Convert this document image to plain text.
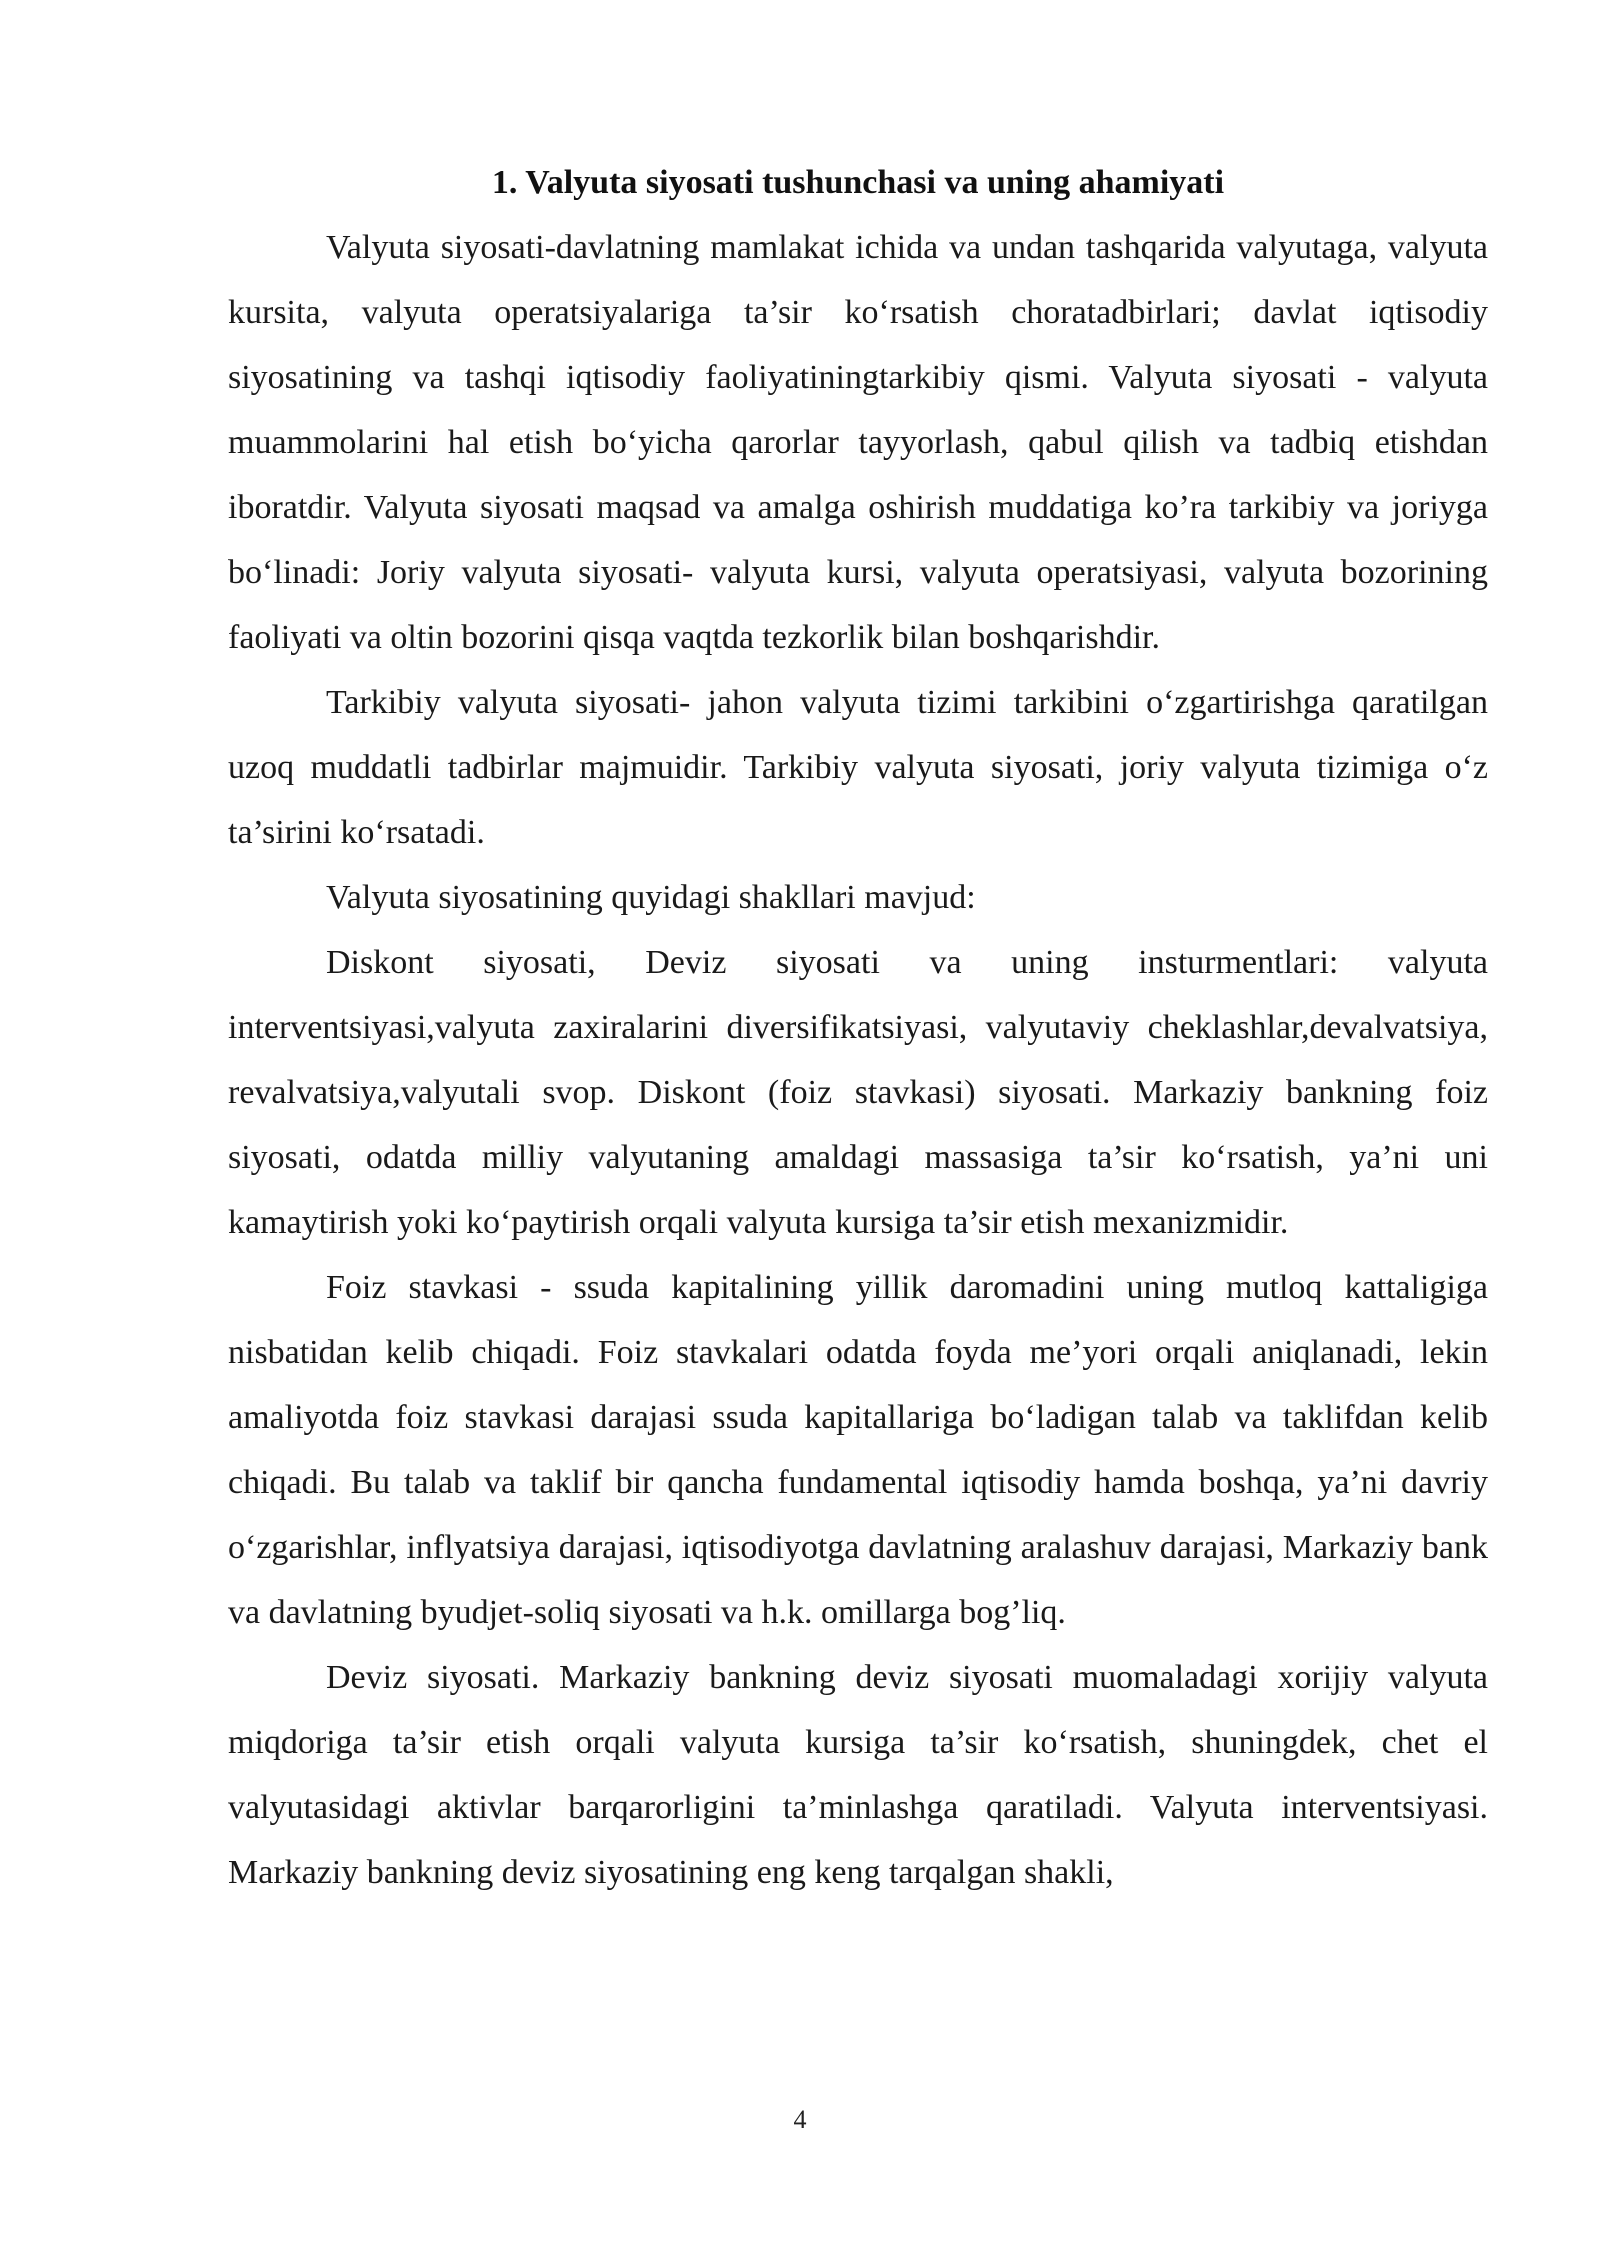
1. Valyuta siyosati tushunchasi va uning ahamiyati

Valyuta siyosati-davlatning mamlakat ichida va undan tashqarida valyutaga, valyuta kursita, valyuta operatsiyalariga ta’sir ko‘rsatish choratadbirlari; davlat iqtisodiy siyosatining va tashqi iqtisodiy faoliyatiningtarkibiy qismi. Valyuta siyosati - valyuta muammolarini hal etish bo‘yicha qarorlar tayyorlash, qabul qilish va tadbiq etishdan iboratdir. Valyuta siyosati maqsad va amalga oshirish muddatiga ko’ra tarkibiy va joriyga bo‘linadi: Joriy valyuta siyosati- valyuta kursi, valyuta operatsiyasi, valyuta bozorining faoliyati va oltin bozorini qisqa vaqtda tezkorlik bilan boshqarishdir.

Tarkibiy valyuta siyosati- jahon valyuta tizimi tarkibini o‘zgartirishga qaratilgan uzoq muddatli tadbirlar majmuidir. Tarkibiy valyuta siyosati, joriy valyuta tizimiga o‘z ta’sirini ko‘rsatadi.

Valyuta siyosatining quyidagi shakllari mavjud:

Diskont siyosati, Deviz siyosati va uning insturmentlari: valyuta interventsiyasi,valyuta zaxiralarini diversifikatsiyasi, valyutaviy cheklashlar,devalvatsiya, revalvatsiya,valyutali svop. Diskont (foiz stavkasi) siyosati. Markaziy bankning foiz siyosati, odatda milliy valyutaning amaldagi massasiga ta’sir ko‘rsatish, ya’ni uni kamaytirish yoki ko‘paytirish orqali valyuta kursiga ta’sir etish mexanizmidir.

Foiz stavkasi - ssuda kapitalining yillik daromadini uning mutloq kattaligiga nisbatidan kelib chiqadi. Foiz stavkalari odatda foyda me’yori orqali aniqlanadi, lekin amaliyotda foiz stavkasi darajasi ssuda kapitallariga bo‘ladigan talab va taklifdan kelib chiqadi. Bu talab va taklif bir qancha fundamental iqtisodiy hamda boshqa, ya’ni davriy o‘zgarishlar, inflyatsiya darajasi, iqtisodiyotga davlatning aralashuv darajasi, Markaziy bank va davlatning byudjet-soliq siyosati va h.k. omillarga bog’liq.

Deviz siyosati. Markaziy bankning deviz siyosati muomaladagi xorijiy valyuta miqdoriga ta’sir etish orqali valyuta kursiga ta’sir ko‘rsatish, shuningdek, chet el valyutasidagi aktivlar barqarorligini ta’minlashga qaratiladi. Valyuta interventsiyasi. Markaziy bankning deviz siyosatining eng keng tarqalgan shakli,

4
